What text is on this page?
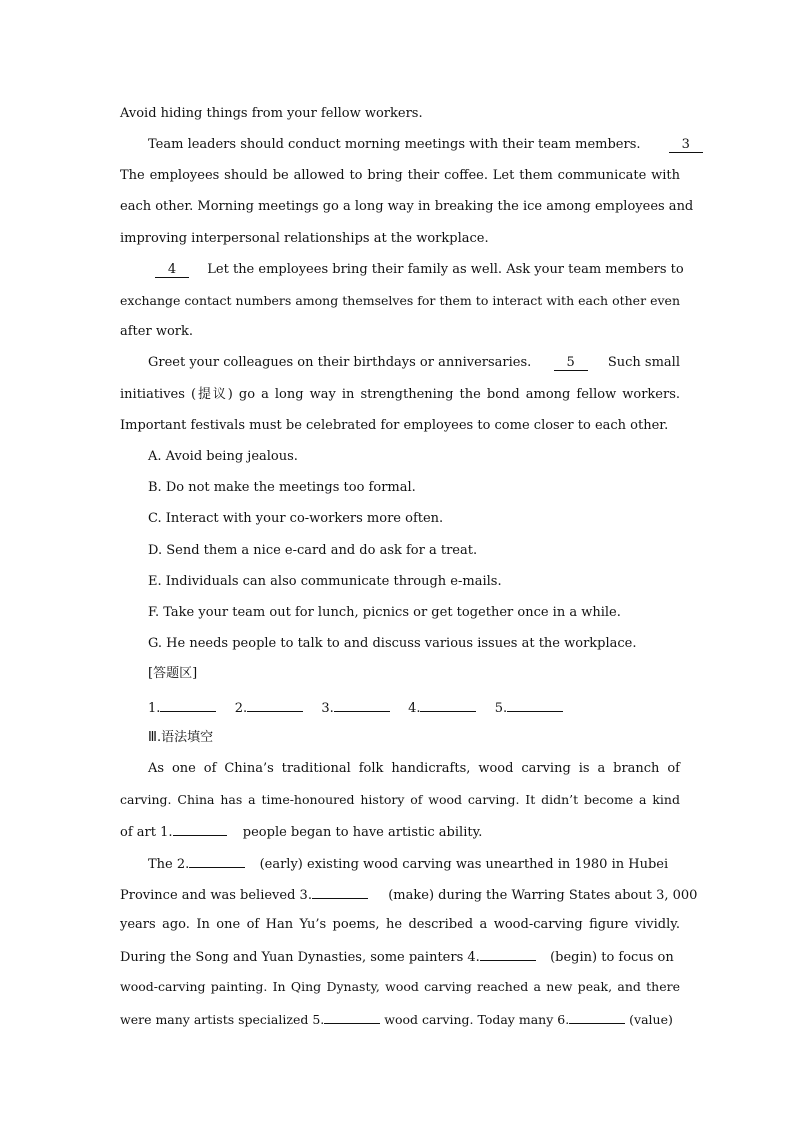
Avoid hiding things from your fellow workers.
Team leaders should conduct morning meetings with their team members.	3
The employees should be allowed to bring their coffee. Let them communicate with
each other. Morning meetings go a long way in breaking the ice among employees and
improving interpersonal relationships at the workplace.
4 Let the employees bring their family as well. Ask your team members to
exchange contact numbers among themselves for them to interact with each other even
after work.
Greet your colleagues on their birthdays or anniversaries.	5	Such small
initiatives (提议) go a long way in strengthening the bond among fellow workers.
Important festivals must be celebrated for employees to come closer to each other.
A. Avoid being jealous.
B. Do not make the meetings too formal.
C. Interact with your co-workers more often.
D. Send them a nice e-card and do ask for a treat.
E. Individuals can also communicate through e-mails.
F. Take your team out for lunch, picnics or get together once in a while.
G. He needs people to talk to and discuss various issues at the workplace.
[答题区]
1.	2.	3.	4.	5.
Ⅲ.语法填空
As one of China’s traditional folk handicrafts, wood carving is a branch of
carving. China has a time-honoured history of wood carving. It didn’t become a kind
of art 1.	people began to have artistic ability.
The 2.	(early) existing wood carving was unearthed in 1980 in Hubei
Province and was believed 3.	(make) during the Warring States about 3, 000
years ago. In one of Han Yu’s poems, he described a wood-carving figure vividly.
During the Song and Yuan Dynasties, some painters 4.	(begin) to focus on
wood-carving painting. In Qing Dynasty, wood carving reached a new peak, and there
were many artists specialized 5.	wood carving. Today many 6.	(value)
